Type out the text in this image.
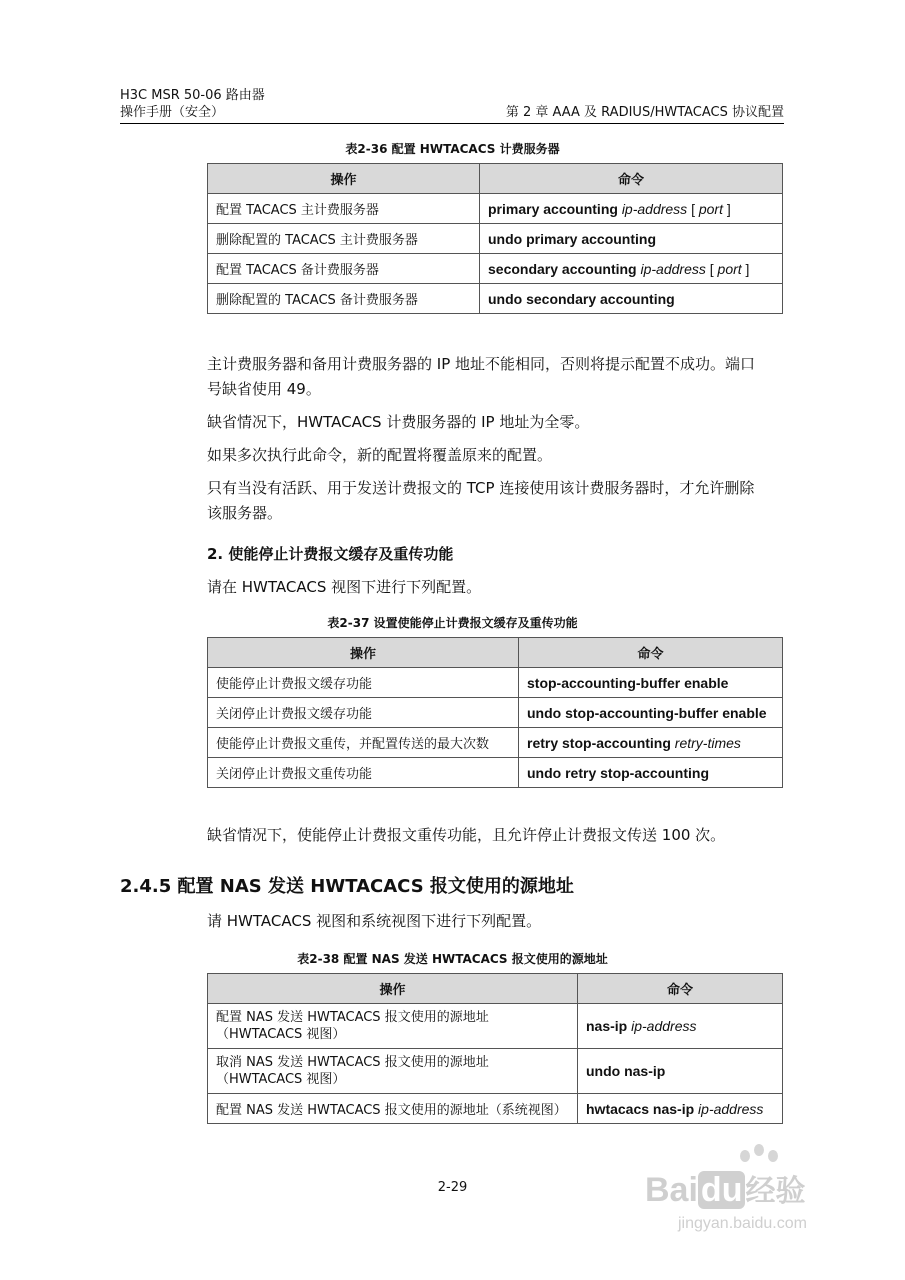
H3C MSR 50-06 路由器
操作手册（安全）	第 2 章 AAA 及 RADIUS/HWTACACS 协议配置
表2-36 配置 HWTACACS 计费服务器
操作	命令
配置 TACACS 主计费服务器	primary accounting ip-address [ port ]
删除配置的 TACACS 主计费服务器	undo primary accounting
配置 TACACS 备计费服务器	secondary accounting ip-address [ port ]
删除配置的 TACACS 备计费服务器	undo secondary accounting
主计费服务器和备用计费服务器的 IP 地址不能相同，否则将提示配置不成功。端口
号缺省使用 49。
缺省情况下，HWTACACS 计费服务器的 IP 地址为全零。
如果多次执行此命令，新的配置将覆盖原来的配置。
只有当没有活跃、用于发送计费报文的 TCP 连接使用该计费服务器时，才允许删除
该服务器。
2. 使能停止计费报文缓存及重传功能
请在 HWTACACS 视图下进行下列配置。
表2-37 设置使能停止计费报文缓存及重传功能
操作	命令
使能停止计费报文缓存功能	stop-accounting-buffer enable
关闭停止计费报文缓存功能	undo stop-accounting-buffer enable
使能停止计费报文重传，并配置传送的最大次数	retry stop-accounting retry-times
关闭停止计费报文重传功能	undo retry stop-accounting
缺省情况下，使能停止计费报文重传功能，且允许停止计费报文传送 100 次。
2.4.5 配置 NAS 发送 HWTACACS 报文使用的源地址
请 HWTACACS 视图和系统视图下进行下列配置。
表2-38 配置 NAS 发送 HWTACACS 报文使用的源地址
操作	命令

配置 NAS 发送 HWTACACS 报文使用的源地址
（HWTACACS 视图）	nas-ip ip-address

取消 NAS 发送 HWTACACS 报文使用的源地址
（HWTACACS 视图）	undo nas-ip
配置 NAS 发送 HWTACACS 报文使用的源地址（系统视图）	hwtacacs nas-ip ip-address
2-29	Baidu 经验
jingyan.baidu.com
